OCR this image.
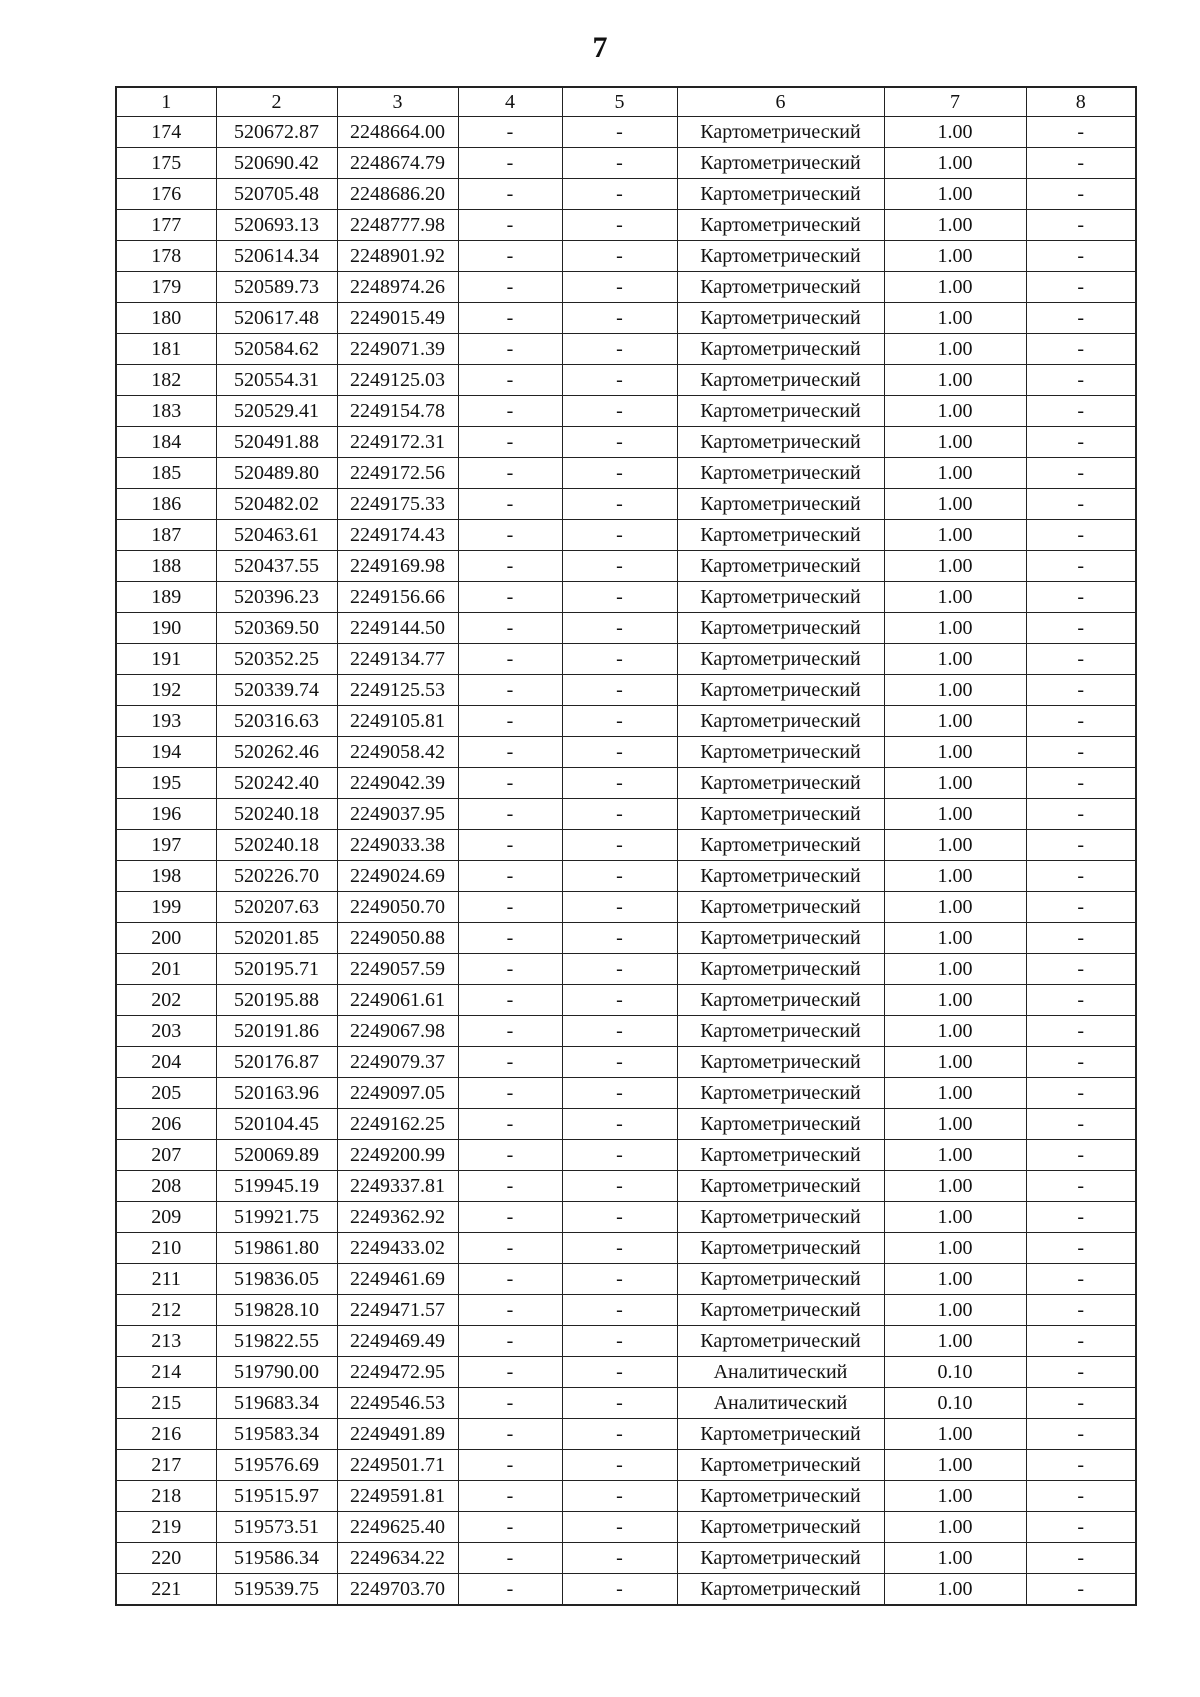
7
1	2	3	4	5	6	7	8
174	520672.87	2248664.00	-	-	Картометрический	1.00	-
175	520690.42	2248674.79	-	-	Картометрический	1.00	-
176	520705.48	2248686.20	-	-	Картометрический	1.00	-
177	520693.13	2248777.98	-	-	Картометрический	1.00	-
178	520614.34	2248901.92	-	-	Картометрический	1.00	-
179	520589.73	2248974.26	-	-	Картометрический	1.00	-
180	520617.48	2249015.49	-	-	Картометрический	1.00	-
181	520584.62	2249071.39	-	-	Картометрический	1.00	-
182	520554.31	2249125.03	-	-	Картометрический	1.00	-
183	520529.41	2249154.78	-	-	Картометрический	1.00	-
184	520491.88	2249172.31	-	-	Картометрический	1.00	-
185	520489.80	2249172.56	-	-	Картометрический	1.00	-
186	520482.02	2249175.33	-	-	Картометрический	1.00	-
187	520463.61	2249174.43	-	-	Картометрический	1.00	-
188	520437.55	2249169.98	-	-	Картометрический	1.00	-
189	520396.23	2249156.66	-	-	Картометрический	1.00	-
190	520369.50	2249144.50	-	-	Картометрический	1.00	-
191	520352.25	2249134.77	-	-	Картометрический	1.00	-
192	520339.74	2249125.53	-	-	Картометрический	1.00	-
193	520316.63	2249105.81	-	-	Картометрический	1.00	-
194	520262.46	2249058.42	-	-	Картометрический	1.00	-
195	520242.40	2249042.39	-	-	Картометрический	1.00	-
196	520240.18	2249037.95	-	-	Картометрический	1.00	-
197	520240.18	2249033.38	-	-	Картометрический	1.00	-
198	520226.70	2249024.69	-	-	Картометрический	1.00	-
199	520207.63	2249050.70	-	-	Картометрический	1.00	-
200	520201.85	2249050.88	-	-	Картометрический	1.00	-
201	520195.71	2249057.59	-	-	Картометрический	1.00	-
202	520195.88	2249061.61	-	-	Картометрический	1.00	-
203	520191.86	2249067.98	-	-	Картометрический	1.00	-
204	520176.87	2249079.37	-	-	Картометрический	1.00	-
205	520163.96	2249097.05	-	-	Картометрический	1.00	-
206	520104.45	2249162.25	-	-	Картометрический	1.00	-
207	520069.89	2249200.99	-	-	Картометрический	1.00	-
208	519945.19	2249337.81	-	-	Картометрический	1.00	-
209	519921.75	2249362.92	-	-	Картометрический	1.00	-
210	519861.80	2249433.02	-	-	Картометрический	1.00	-
211	519836.05	2249461.69	-	-	Картометрический	1.00	-
212	519828.10	2249471.57	-	-	Картометрический	1.00	-
213	519822.55	2249469.49	-	-	Картометрический	1.00	-
214	519790.00	2249472.95	-	-	Аналитический	0.10	-
215	519683.34	2249546.53	-	-	Аналитический	0.10	-
216	519583.34	2249491.89	-	-	Картометрический	1.00	-
217	519576.69	2249501.71	-	-	Картометрический	1.00	-
218	519515.97	2249591.81	-	-	Картометрический	1.00	-
219	519573.51	2249625.40	-	-	Картометрический	1.00	-
220	519586.34	2249634.22	-	-	Картометрический	1.00	-
221	519539.75	2249703.70	-	-	Картометрический	1.00	-
